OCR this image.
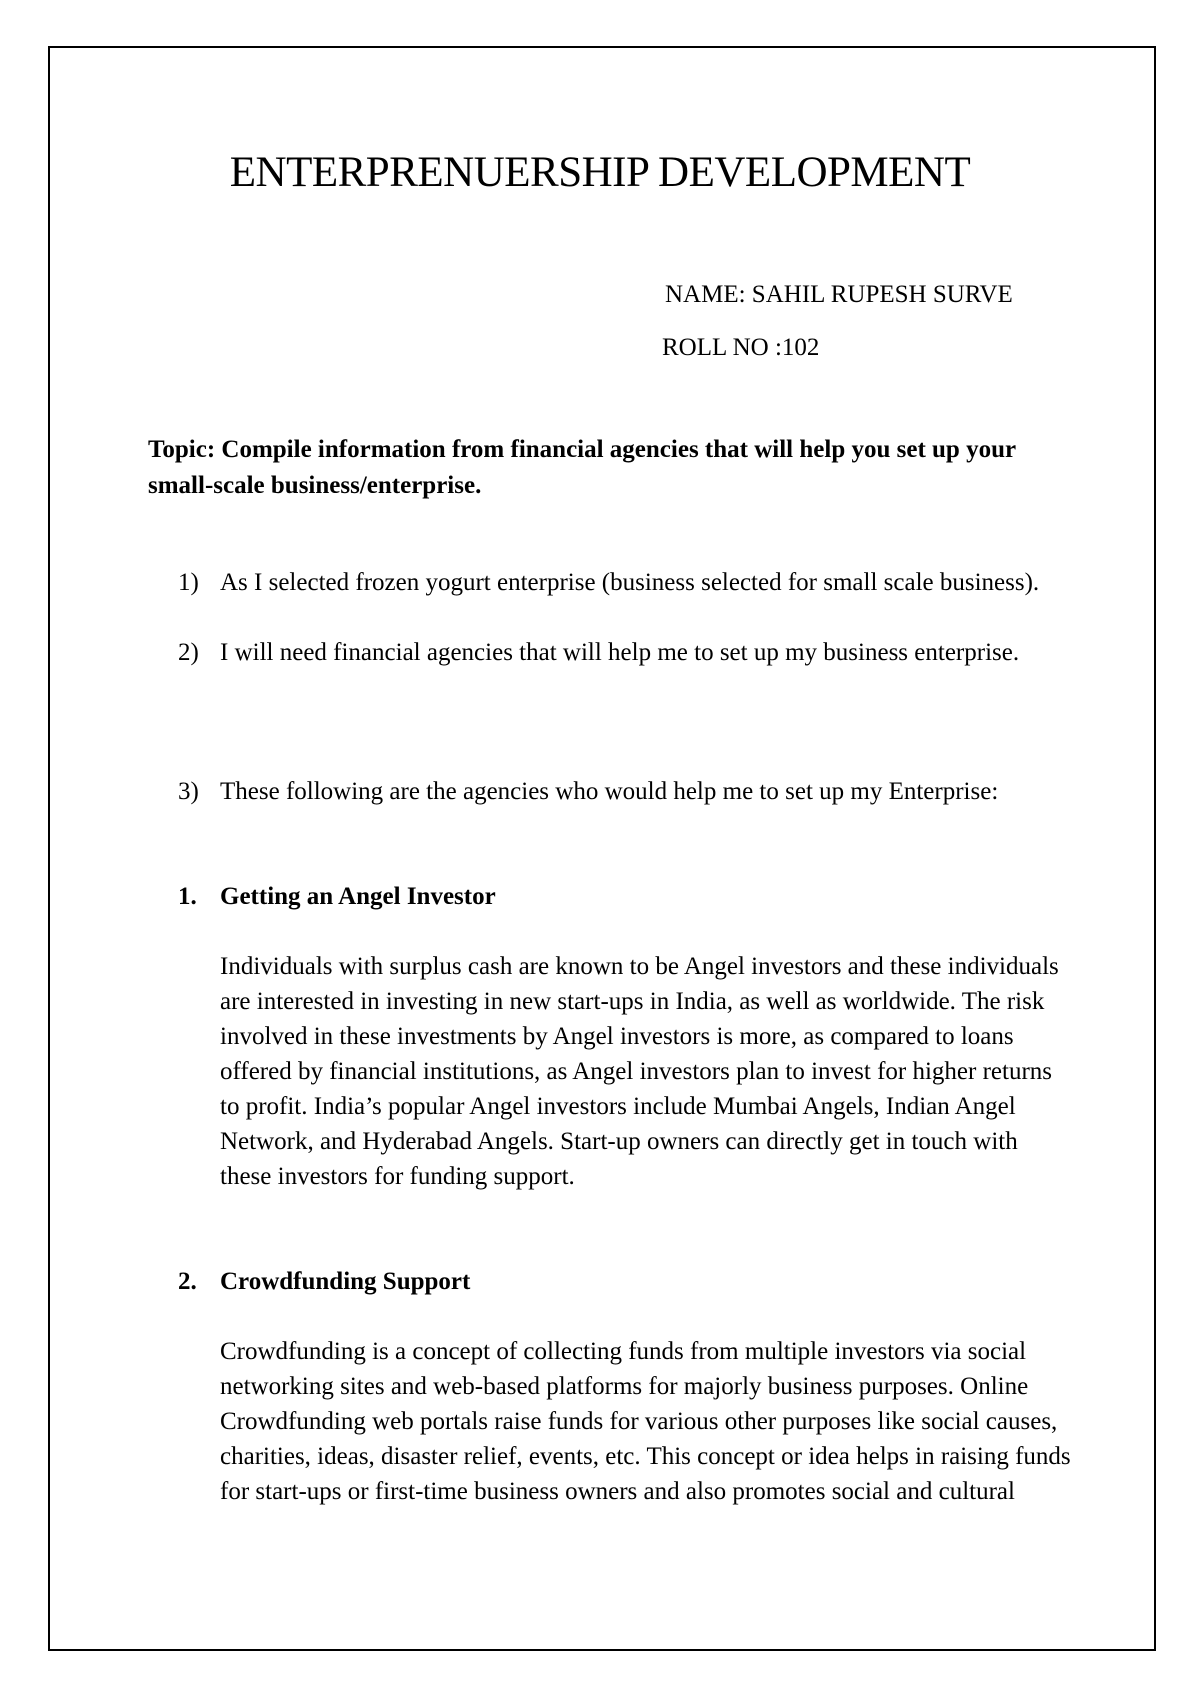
ENTERPRENUERSHIP DEVELOPMENT
NAME: SAHIL RUPESH SURVE
ROLL NO :102
Topic: Compile information from financial agencies that will help you set up your small-scale business/enterprise.
1) As I selected frozen yogurt enterprise (business selected for small scale business).
2) I will need financial agencies that will help me to set up my business enterprise.
3) These following are the agencies who would help me to set up my Enterprise:
1. Getting an Angel Investor
Individuals with surplus cash are known to be Angel investors and these individuals are interested in investing in new start-ups in India, as well as worldwide. The risk involved in these investments by Angel investors is more, as compared to loans offered by financial institutions, as Angel investors plan to invest for higher returns to profit. India’s popular Angel investors include Mumbai Angels, Indian Angel Network, and Hyderabad Angels. Start-up owners can directly get in touch with these investors for funding support.
2. Crowdfunding Support
Crowdfunding is a concept of collecting funds from multiple investors via social networking sites and web-based platforms for majorly business purposes. Online Crowdfunding web portals raise funds for various other purposes like social causes, charities, ideas, disaster relief, events, etc. This concept or idea helps in raising funds for start-ups or first-time business owners and also promotes social and cultural
